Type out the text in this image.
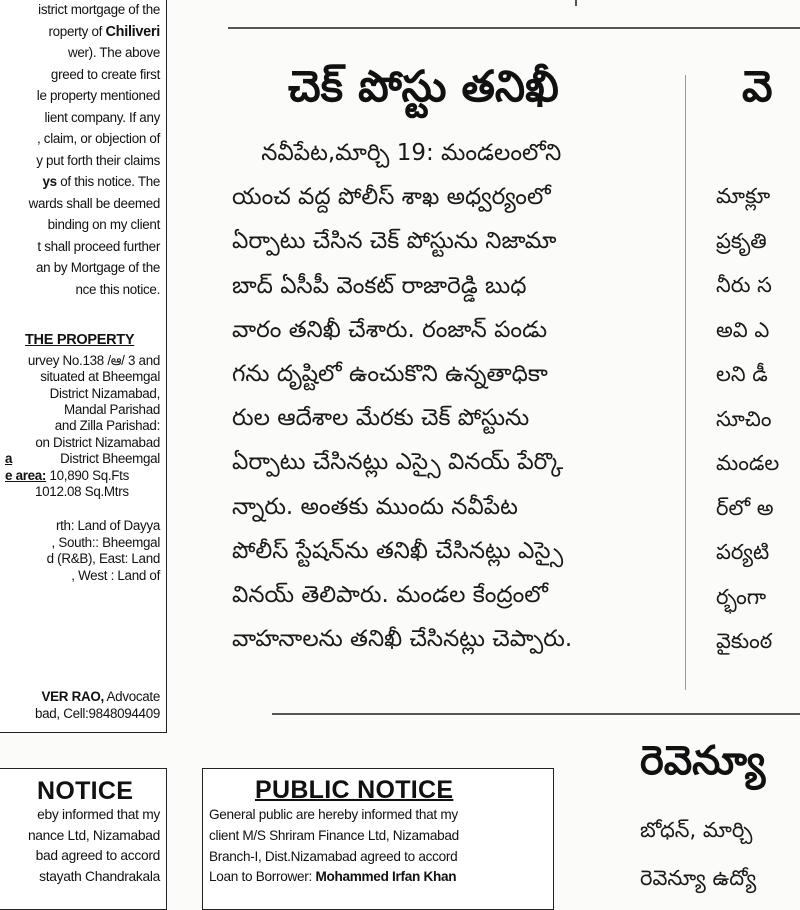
istrict mortgage of the
roperty of Chiliveri
wer). The above
greed to create first
le property mentioned
lient company. If any
, claim, or objection of
y put forth their claims
ys of this notice. The
wards shall be deemed
binding on my client
t shall proceed further
an by Mortgage of the
nce this notice.
THE PROPERTY
urvey No.138 /ఆ/ 3 and
situated at Bheemgal
District Nizamabad,
Mandal Parishad
and Zilla Parishad:
on District Nizamabad
District Bheemgal
a
e area: 10,890 Sq.Fts
1012.08 Sq.Mtrs
rth: Land of Dayya
, South:: Bheemgal
d (R&B), East: Land
, West : Land of
VER RAO, Advocate
bad, Cell:9848094409
NOTICE
eby informed that my
nance Ltd, Nizamabad
bad agreed to accord
stayath Chandrakala
PUBLIC NOTICE
General public are hereby informed that my
client M/S Shriram Finance Ltd, Nizamabad
Branch-I, Dist.Nizamabad agreed to accord
Loan to Borrower: Mohammed Irfan Khan
చెక్ పోస్టు తనిఖీ
నవీపేట,మార్చి 19: మండలంలోని
యంచ వద్ద పోలీస్ శాఖ అధ్వర్యంలో
ఏర్పాటు చేసిన చెక్ పోస్టును నిజామా
బాద్ ఏసీపీ వెంకట్ రాజారెడ్డి బుధ
వారం తనిఖీ చేశారు. రంజాన్ పండు
గను దృష్టిలో ఉంచుకొని ఉన్నతాధికా
రుల ఆదేశాల మేరకు చెక్ పోస్టును
ఏర్పాటు చేసినట్లు ఎస్సై వినయ్ పేర్కొ
న్నారు. అంతకు ముందు నవీపేట
పోలీస్ స్టేషన్‌ను తనిఖీ చేసినట్లు ఎస్సై
వినయ్ తెలిపారు. మండల కేంద్రంలో
వాహనాలను తనిఖీ చేసినట్లు చెప్పారు.
వె
మాక్లూ
ప్రకృతి
నీరు స
అవి ఎ
లని డీ
సూచిం
మండల
ర్‌లో అ
పర్యటి
ర్భంగా
వైకుంఠ
రెవెన్యూ
బోధన్, మార్చి
రెవెన్యూ ఉద్యో
